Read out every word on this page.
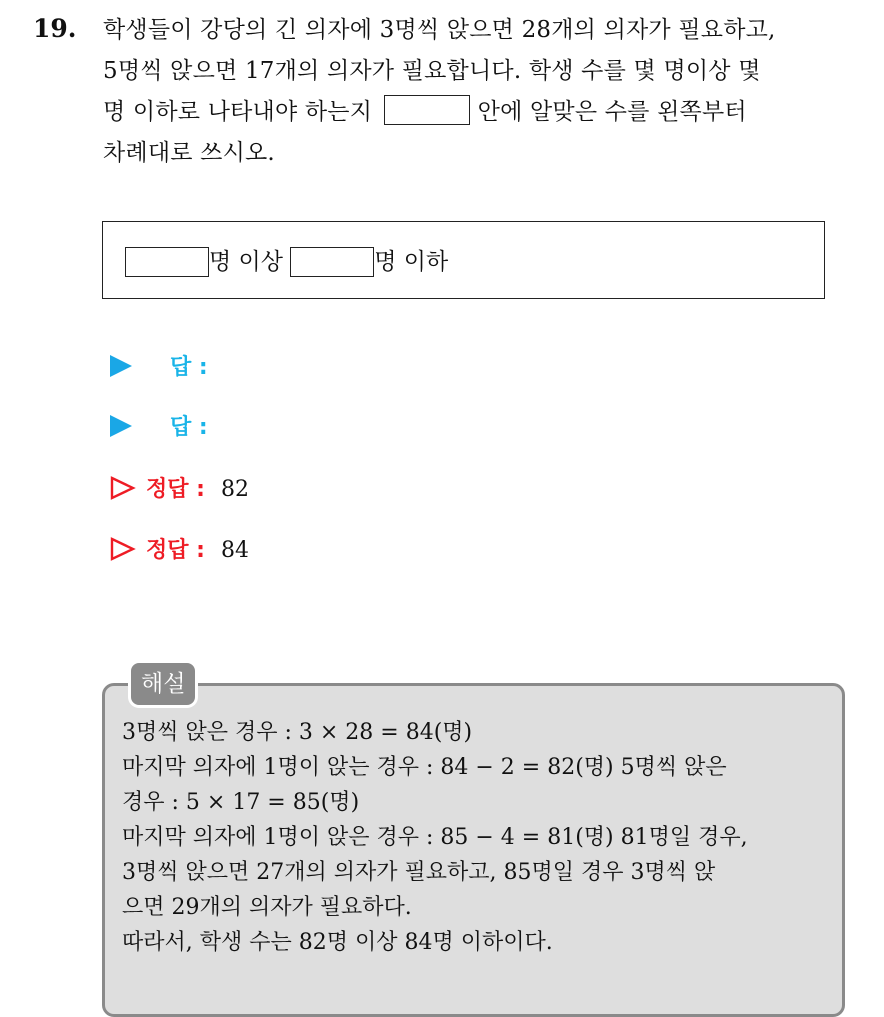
19. 학생들이 강당의 긴 의자에 3명씩 앉으면 28개의 의자가 필요하고,
5명씩 앉으면 17개의 의자가 필요합니다. 학생 수를 몇 명이상 몇
명 이하로 나타내야 하는지	안에 알맞은 수를 왼쪽부터
차례대로 쓰시오.
명 이상	명 이하
답 :
답 :
정답 : 82
정답 : 84
해설
3명씩 앉은 경우 : 3 × 28 = 84(명)
마지막 의자에 1명이 앉는 경우 : 84 − 2 = 82(명) 5명씩 앉은
경우 : 5 × 17 = 85(명)
마지막 의자에 1명이 앉은 경우 : 85 − 4 = 81(명) 81명일 경우,
3명씩 앉으면 27개의 의자가 필요하고, 85명일 경우 3명씩 앉
으면 29개의 의자가 필요하다.
따라서, 학생 수는 82명 이상 84명 이하이다.
